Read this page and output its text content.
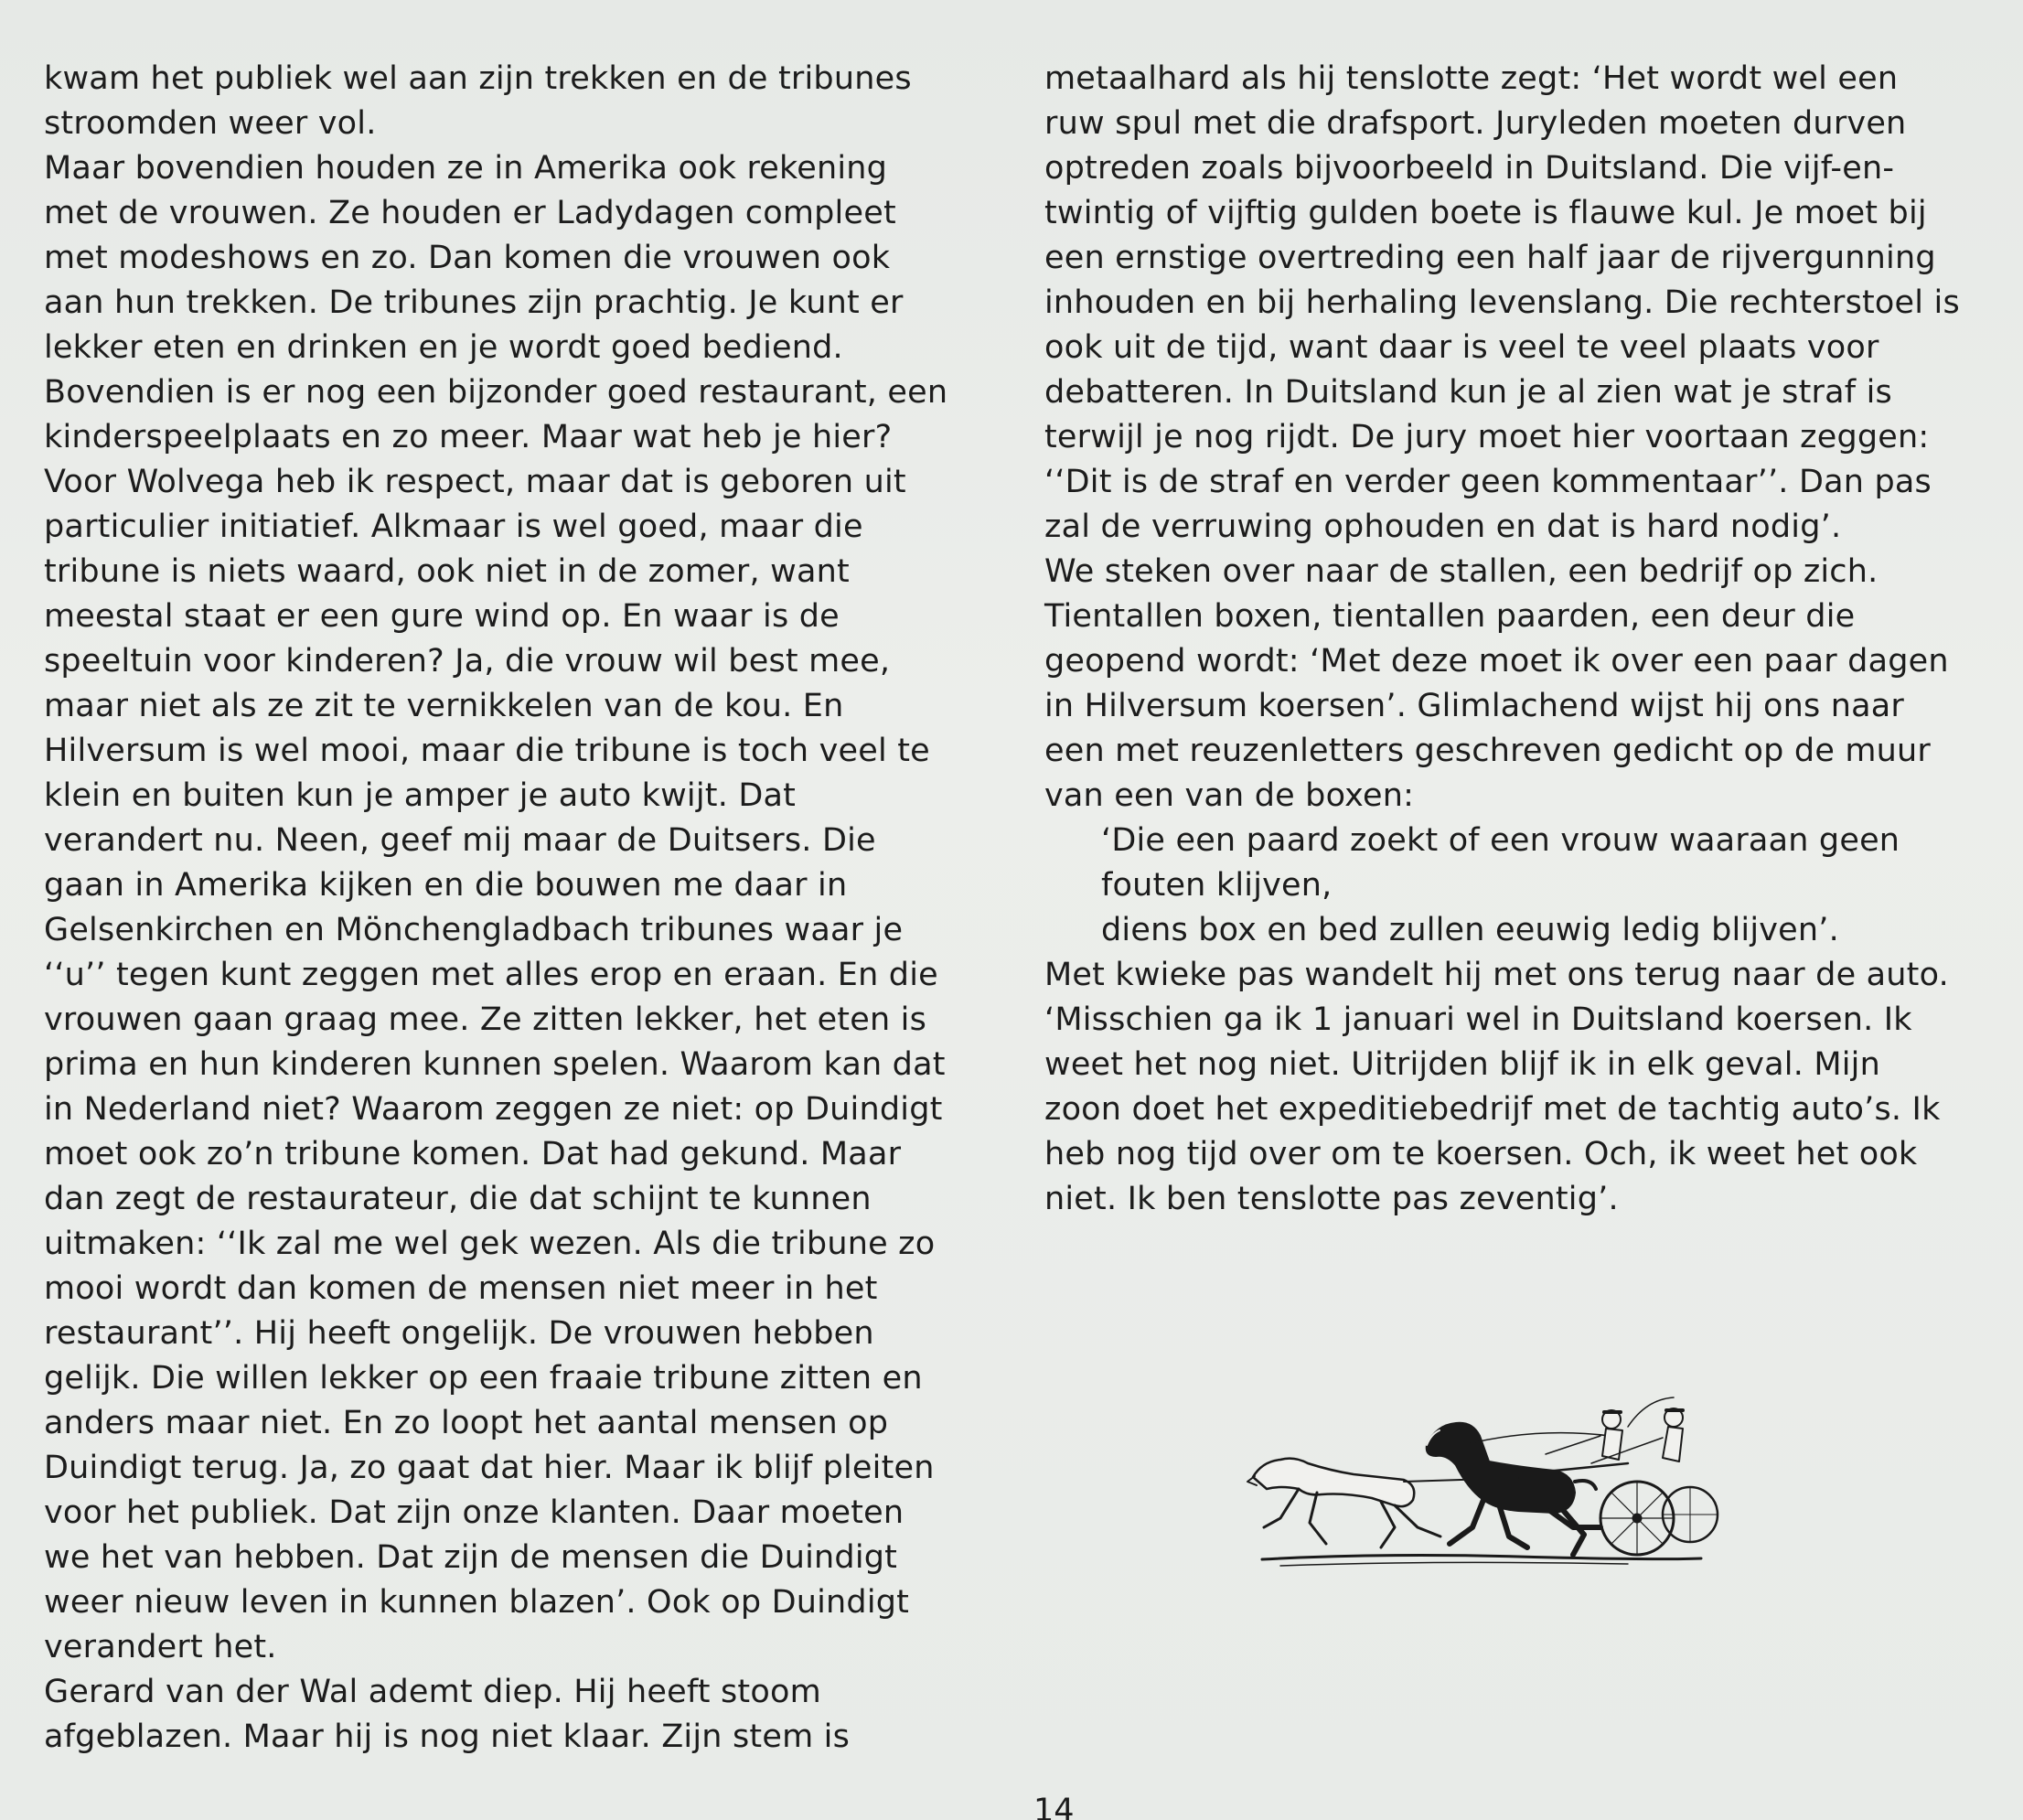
kwam het publiek wel aan zijn trekken en de tribunes
stroomden weer vol.
Maar bovendien houden ze in Amerika ook rekening
met de vrouwen. Ze houden er Ladydagen compleet
met modeshows en zo. Dan komen die vrouwen ook
aan hun trekken. De tribunes zijn prachtig. Je kunt er
lekker eten en drinken en je wordt goed bediend.
Bovendien is er nog een bijzonder goed restaurant, een
kinderspeelplaats en zo meer. Maar wat heb je hier?
Voor Wolvega heb ik respect, maar dat is geboren uit
particulier initiatief. Alkmaar is wel goed, maar die
tribune is niets waard, ook niet in de zomer, want
meestal staat er een gure wind op. En waar is de
speeltuin voor kinderen? Ja, die vrouw wil best mee,
maar niet als ze zit te vernikkelen van de kou. En
Hilversum is wel mooi, maar die tribune is toch veel te
klein en buiten kun je amper je auto kwijt. Dat
verandert nu. Neen, geef mij maar de Duitsers. Die
gaan in Amerika kijken en die bouwen me daar in
Gelsenkirchen en Mönchengladbach tribunes waar je
‘‘u’’ tegen kunt zeggen met alles erop en eraan. En die
vrouwen gaan graag mee. Ze zitten lekker, het eten is
prima en hun kinderen kunnen spelen. Waarom kan dat
in Nederland niet? Waarom zeggen ze niet: op Duindigt
moet ook zo’n tribune komen. Dat had gekund. Maar
dan zegt de restaurateur, die dat schijnt te kunnen
uitmaken: ‘‘Ik zal me wel gek wezen. Als die tribune zo
mooi wordt dan komen de mensen niet meer in het
restaurant’’. Hij heeft ongelijk. De vrouwen hebben
gelijk. Die willen lekker op een fraaie tribune zitten en
anders maar niet. En zo loopt het aantal mensen op
Duindigt terug. Ja, zo gaat dat hier. Maar ik blijf pleiten
voor het publiek. Dat zijn onze klanten. Daar moeten
we het van hebben. Dat zijn de mensen die Duindigt
weer nieuw leven in kunnen blazen’. Ook op Duindigt
verandert het.
Gerard van der Wal ademt diep. Hij heeft stoom
afgeblazen. Maar hij is nog niet klaar. Zijn stem is
metaalhard als hij tenslotte zegt: ‘Het wordt wel een
ruw spul met die drafsport. Juryleden moeten durven
optreden zoals bijvoorbeeld in Duitsland. Die vijf-en-
twintig of vijftig gulden boete is flauwe kul. Je moet bij
een ernstige overtreding een half jaar de rijvergunning
inhouden en bij herhaling levenslang. Die rechterstoel is
ook uit de tijd, want daar is veel te veel plaats voor
debatteren. In Duitsland kun je al zien wat je straf is
terwijl je nog rijdt. De jury moet hier voortaan zeggen:
‘‘Dit is de straf en verder geen kommentaar’’. Dan pas
zal de verruwing ophouden en dat is hard nodig’.
We steken over naar de stallen, een bedrijf op zich.
Tientallen boxen, tientallen paarden, een deur die
geopend wordt: ‘Met deze moet ik over een paar dagen
in Hilversum koersen’. Glimlachend wijst hij ons naar
een met reuzenletters geschreven gedicht op de muur
van een van de boxen:
‘Die een paard zoekt of een vrouw waaraan geen
fouten klijven,
diens box en bed zullen eeuwig ledig blijven’.
Met kwieke pas wandelt hij met ons terug naar de auto.
‘Misschien ga ik 1 januari wel in Duitsland koersen. Ik
weet het nog niet. Uitrijden blijf ik in elk geval. Mijn
zoon doet het expeditiebedrijf met de tachtig auto’s. Ik
heb nog tijd over om te koersen. Och, ik weet het ook
niet. Ik ben tenslotte pas zeventig’.
14
